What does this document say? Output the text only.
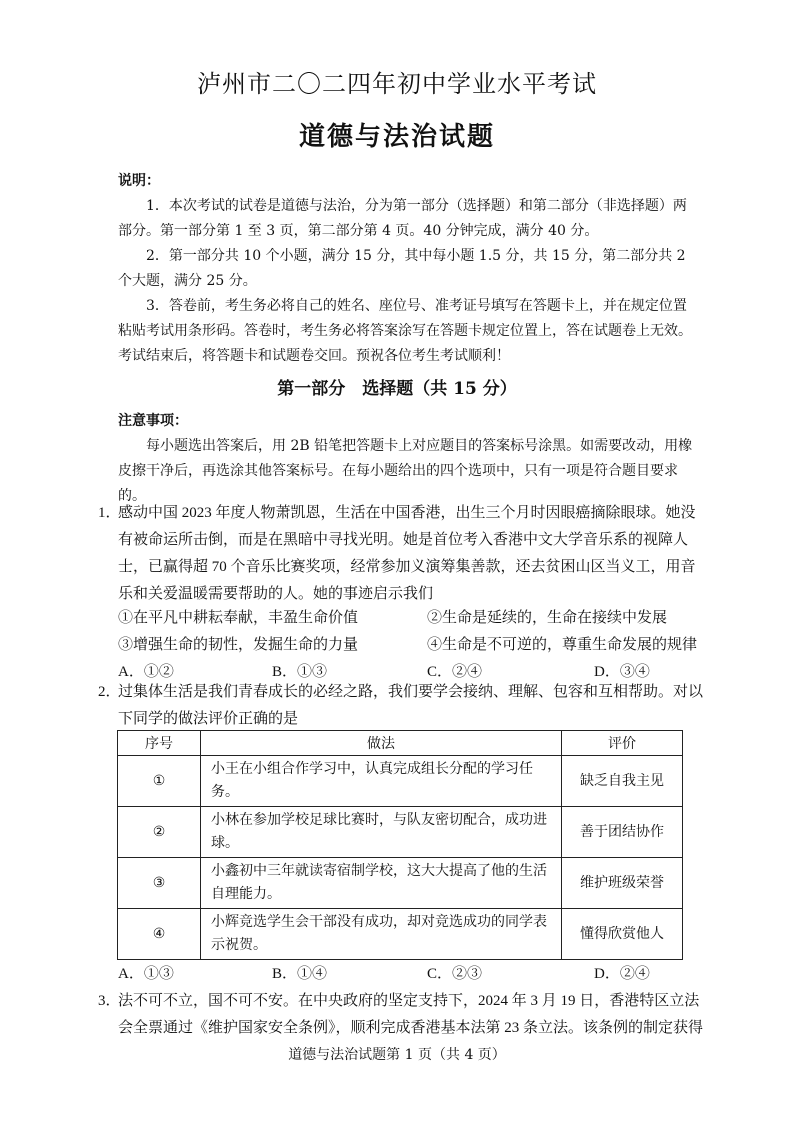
泸州市二〇二四年初中学业水平考试
道德与法治试题
说明：
1．本次考试的试卷是道德与法治，分为第一部分（选择题）和第二部分（非选择题）两部分。第一部分第 1 至 3 页，第二部分第 4 页。40 分钟完成，满分 40 分。
2．第一部分共 10 个小题，满分 15 分，其中每小题 1.5 分，共 15 分，第二部分共 2 个大题，满分 25 分。
3．答卷前，考生务必将自己的姓名、座位号、准考证号填写在答题卡上，并在规定位置粘贴考试用条形码。答卷时，考生务必将答案涂写在答题卡规定位置上，答在试题卷上无效。考试结束后，将答题卡和试题卷交回。预祝各位考生考试顺利！
第一部分　选择题（共 15 分）
注意事项：
每小题选出答案后，用 2B 铅笔把答题卡上对应题目的答案标号涂黑。如需要改动，用橡皮擦干净后，再选涂其他答案标号。在每小题给出的四个选项中，只有一项是符合题目要求的。
1．
感动中国 2023 年度人物萧凯恩，生活在中国香港，出生三个月时因眼癌摘除眼球。她没有被命运所击倒，而是在黑暗中寻找光明。她是首位考入香港中文大学音乐系的视障人士，已赢得超 70 个音乐比赛奖项，经常参加义演筹集善款，还去贫困山区当义工，用音乐和关爱温暖需要帮助的人。她的事迹启示我们
①在平凡中耕耘奉献，丰盈生命价值	②生命是延续的，生命在接续中发展
③增强生命的韧性，发掘生命的力量	④生命是不可逆的，尊重生命发展的规律
A．①②	B．①③	C．②④	D．③④
2．
过集体生活是我们青春成长的必经之路，我们要学会接纳、理解、包容和互相帮助。对以下同学的做法评价正确的是
序号	做法	评价
①	小王在小组合作学习中，认真完成组长分配的学习任务。	缺乏自我主见
②	小林在参加学校足球比赛时，与队友密切配合，成功进球。	善于团结协作
③	小鑫初中三年就读寄宿制学校，这大大提高了他的生活自理能力。	维护班级荣誉
④	小辉竞选学生会干部没有成功，却对竞选成功的同学表示祝贺。	懂得欣赏他人
A．①③	B．①④	C．②③	D．②④
3．
法不可不立，国不可不安。在中央政府的坚定支持下，2024 年 3 月 19 日，香港特区立法会全票通过《维护国家安全条例》，顺利完成香港基本法第 23 条立法。该条例的制定获得
道德与法治试题第 1 页（共 4 页）
